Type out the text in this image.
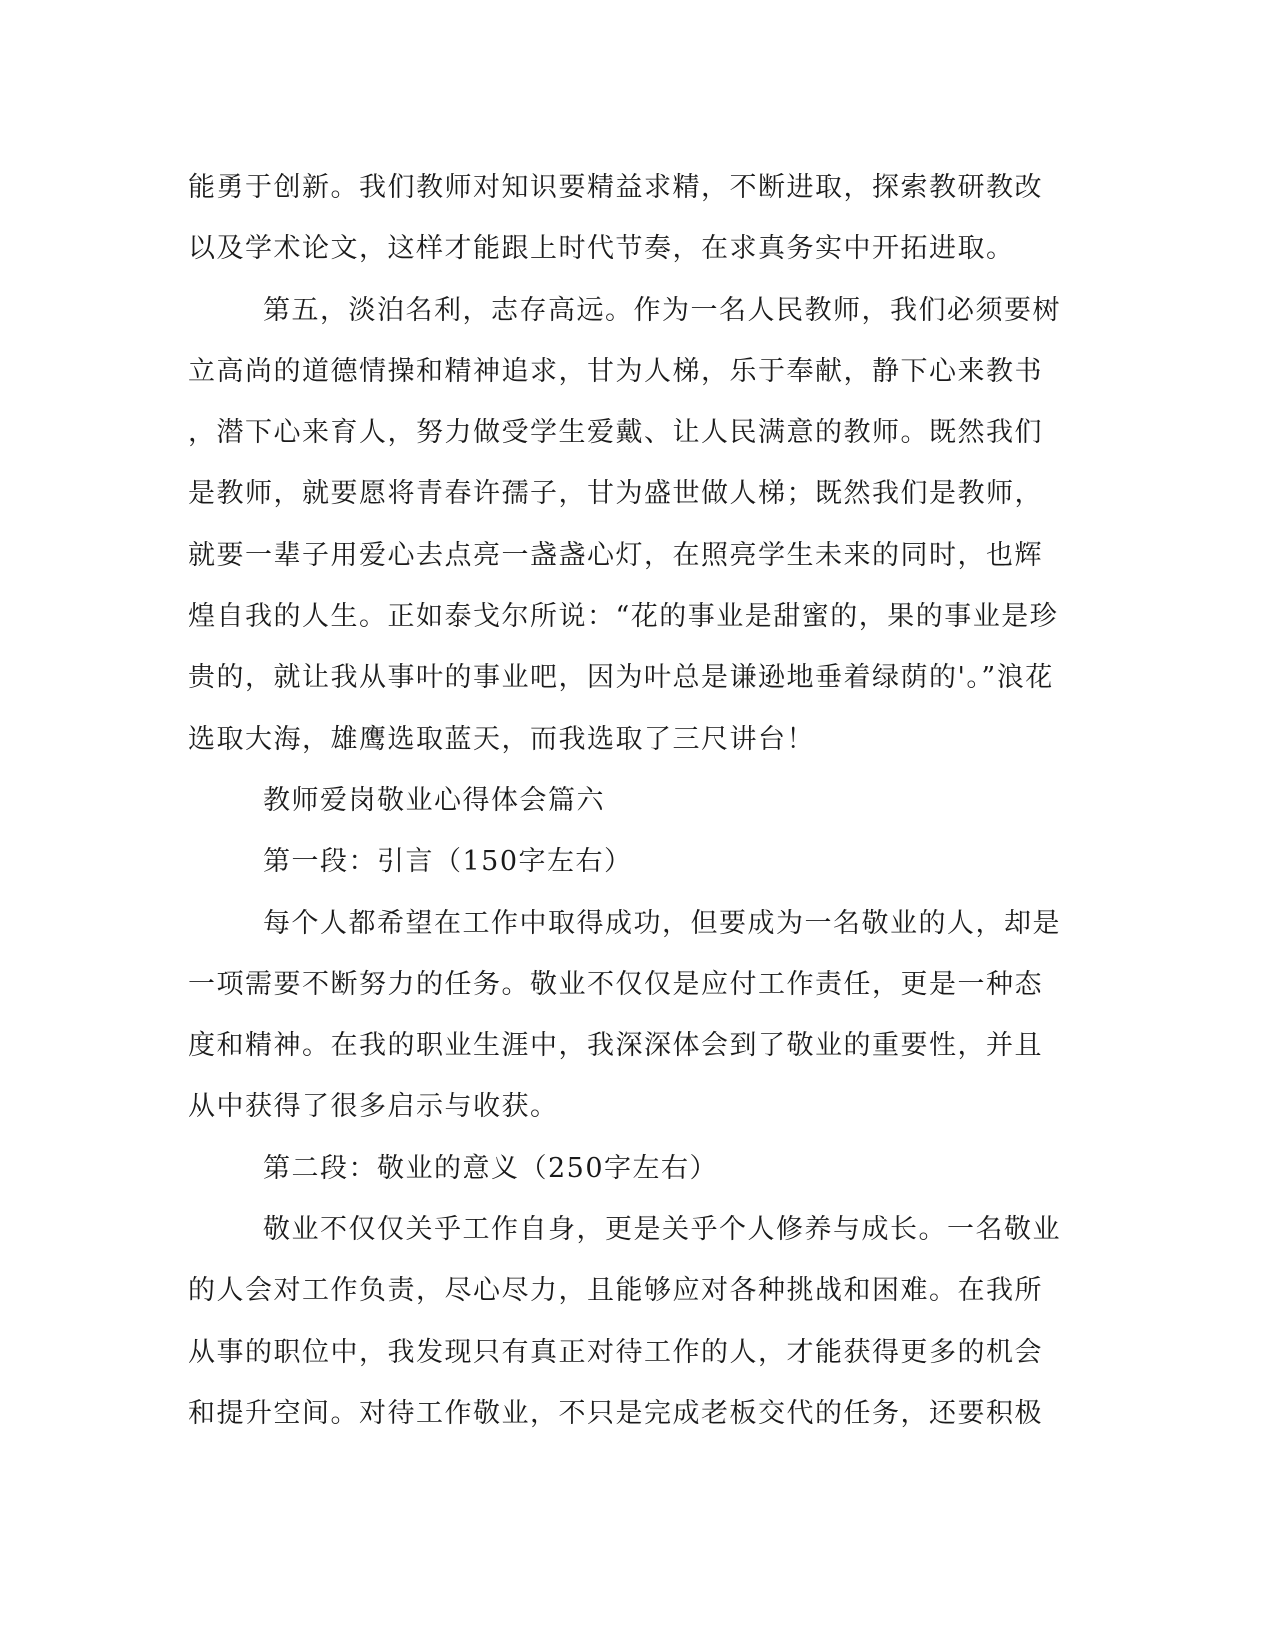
能勇于创新。我们教师对知识要精益求精，不断进取，探索教研教改
以及学术论文，这样才能跟上时代节奏，在求真务实中开拓进取。
第五，淡泊名利，志存高远。作为一名人民教师，我们必须要树
立高尚的道德情操和精神追求，甘为人梯，乐于奉献，静下心来教书
，潜下心来育人，努力做受学生爱戴、让人民满意的教师。既然我们
是教师，就要愿将青春许孺子，甘为盛世做人梯；既然我们是教师，
就要一辈子用爱心去点亮一盏盏心灯，在照亮学生未来的同时，也辉
煌自我的人生。正如泰戈尔所说：“花的事业是甜蜜的，果的事业是珍
贵的，就让我从事叶的事业吧，因为叶总是谦逊地垂着绿荫的'。”浪花
选取大海，雄鹰选取蓝天，而我选取了三尺讲台！
教师爱岗敬业心得体会篇六
第一段：引言（150字左右）
每个人都希望在工作中取得成功，但要成为一名敬业的人，却是
一项需要不断努力的任务。敬业不仅仅是应付工作责任，更是一种态
度和精神。在我的职业生涯中，我深深体会到了敬业的重要性，并且
从中获得了很多启示与收获。
第二段：敬业的意义（250字左右）
敬业不仅仅关乎工作自身，更是关乎个人修养与成长。一名敬业
的人会对工作负责，尽心尽力，且能够应对各种挑战和困难。在我所
从事的职位中，我发现只有真正对待工作的人，才能获得更多的机会
和提升空间。对待工作敬业，不只是完成老板交代的任务，还要积极
